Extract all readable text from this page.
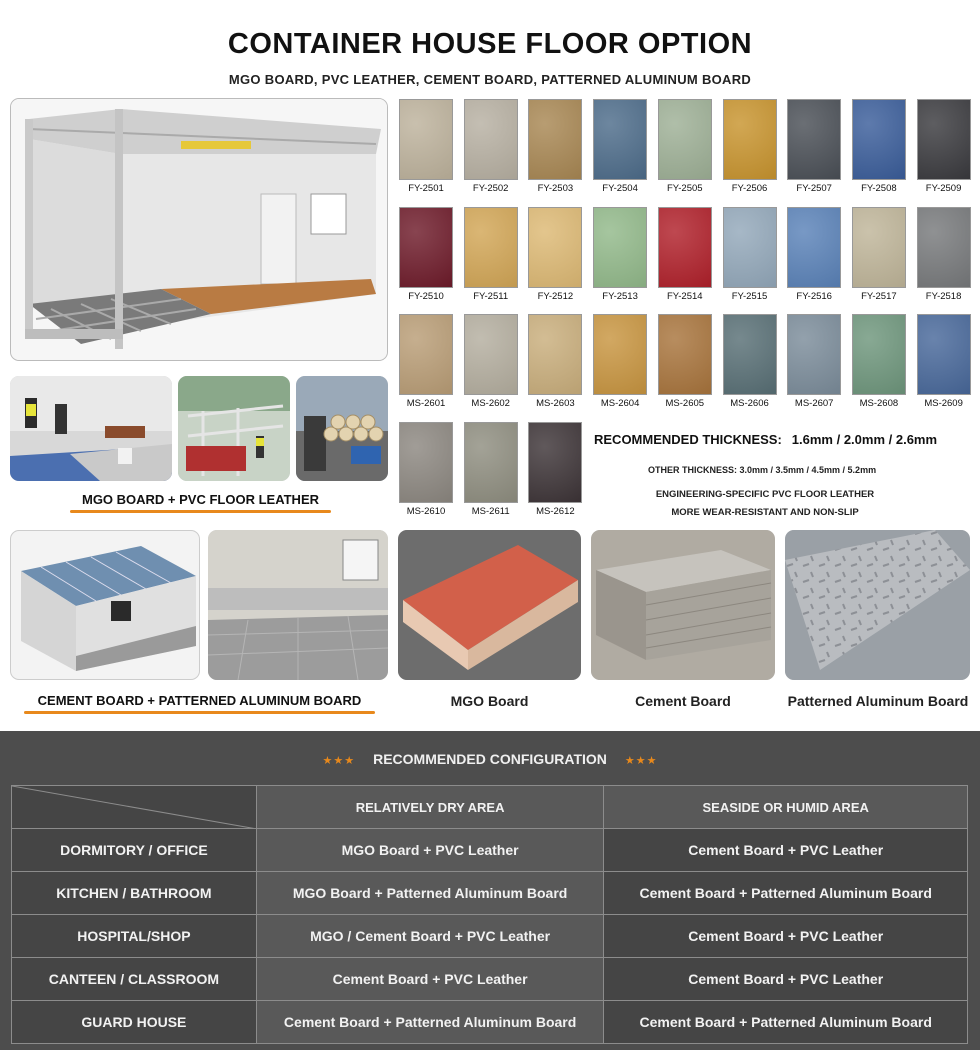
CONTAINER HOUSE FLOOR OPTION
MGO BOARD, PVC LEATHER, CEMENT BOARD, PATTERNED ALUMINUM BOARD
MGO BOARD + PVC FLOOR LEATHER
FY-2501	FY-2502	FY-2503	FY-2504	FY-2505	FY-2506	FY-2507	FY-2508	FY-2509
FY-2510	FY-2511	FY-2512	FY-2513	FY-2514	FY-2515	FY-2516	FY-2517	FY-2518
MS-2601	MS-2602	MS-2603	MS-2604	MS-2605	MS-2606	MS-2607	MS-2608	MS-2609
MS-2610	MS-2611	MS-2612
RECOMMENDED THICKNESS: 1.6mm / 2.0mm / 2.6mm
OTHER THICKNESS: 3.0mm / 3.5mm / 4.5mm / 5.2mm
ENGINEERING-SPECIFIC PVC FLOOR LEATHER
MORE WEAR-RESISTANT AND NON-SLIP
CEMENT BOARD + PATTERNED ALUMINUM BOARD	MGO Board	Cement Board	Patterned Aluminum Board
★★★ RECOMMENDED CONFIGURATION ★★★
	RELATIVELY DRY AREA	SEASIDE OR HUMID AREA
DORMITORY / OFFICE	MGO Board + PVC Leather	Cement Board + PVC Leather
KITCHEN / BATHROOM	MGO Board + Patterned Aluminum Board	Cement Board + Patterned Aluminum Board
HOSPITAL/SHOP	MGO / Cement Board + PVC Leather	Cement Board + PVC Leather
CANTEEN / CLASSROOM	Cement Board + PVC Leather	Cement Board + PVC Leather
GUARD HOUSE	Cement Board + Patterned Aluminum Board	Cement Board + Patterned Aluminum Board
